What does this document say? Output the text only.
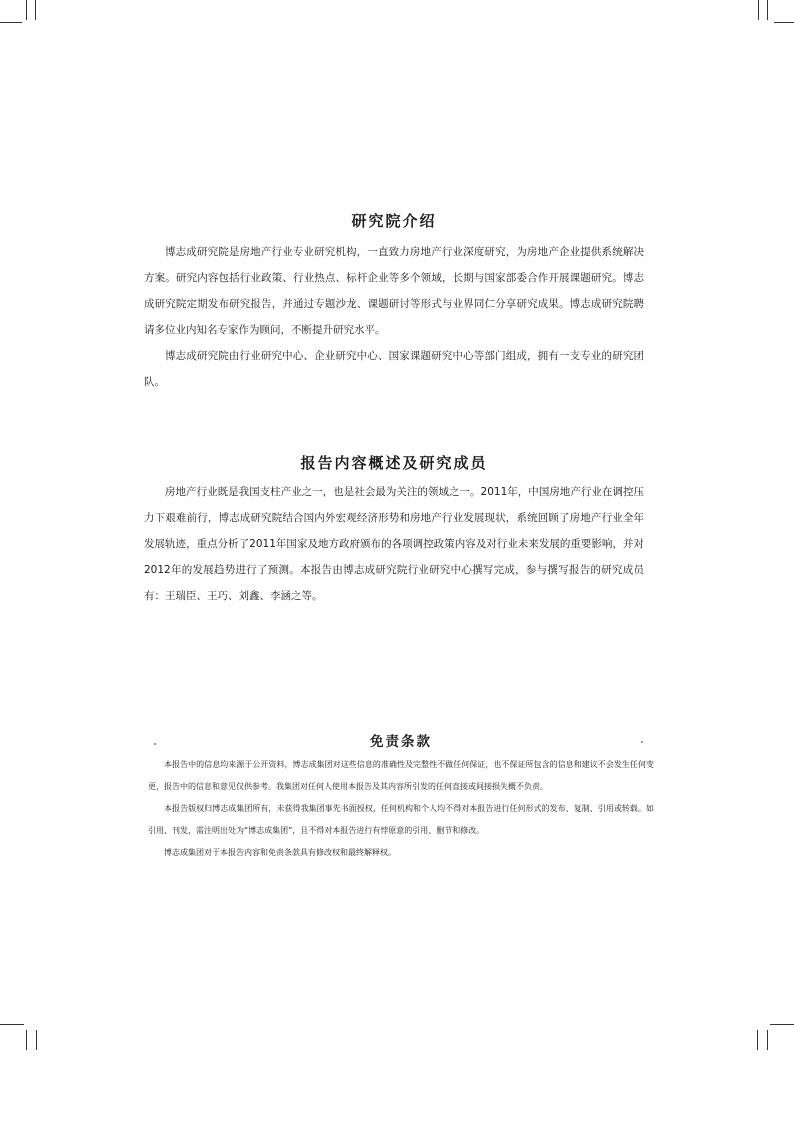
研究院介绍

博志成研究院是房地产行业专业研究机构，一直致力房地产行业深度研究，为房地产企业提供系统解决方案。研究内容包括行业政策、行业热点、标杆企业等多个领域，长期与国家部委合作开展课题研究。博志成研究院定期发布研究报告，并通过专题沙龙、课题研讨等形式与业界同仁分享研究成果。博志成研究院聘请多位业内知名专家作为顾问，不断提升研究水平。

博志成研究院由行业研究中心、企业研究中心、国家课题研究中心等部门组成，拥有一支专业的研究团队。

报告内容概述及研究成员

房地产行业既是我国支柱产业之一，也是社会最为关注的领域之一。2011年，中国房地产行业在调控压力下艰难前行，博志成研究院结合国内外宏观经济形势和房地产行业发展现状，系统回顾了房地产行业全年发展轨迹，重点分析了2011年国家及地方政府颁布的各项调控政策内容及对行业未来发展的重要影响，并对2012年的发展趋势进行了预测。本报告由博志成研究院行业研究中心撰写完成，参与撰写报告的研究成员有：王瑞臣、王巧、刘鑫、李涵之等。

免责条款

本报告中的信息均来源于公开资料，博志成集团对这些信息的准确性及完整性不做任何保证，也不保证所包含的信息和建议不会发生任何变更，报告中的信息和意见仅供参考。我集团对任何人使用本报告及其内容所引发的任何直接或间接损失概不负责。

本报告版权归博志成集团所有，未获得我集团事先书面授权，任何机构和个人均不得对本报告进行任何形式的发布、复制、引用或转载。如引用、刊发，需注明出处为“博志成集团”，且不得对本报告进行有悖原意的引用、删节和修改。

博志成集团对于本报告内容和免责条款具有修改权和最终解释权。
